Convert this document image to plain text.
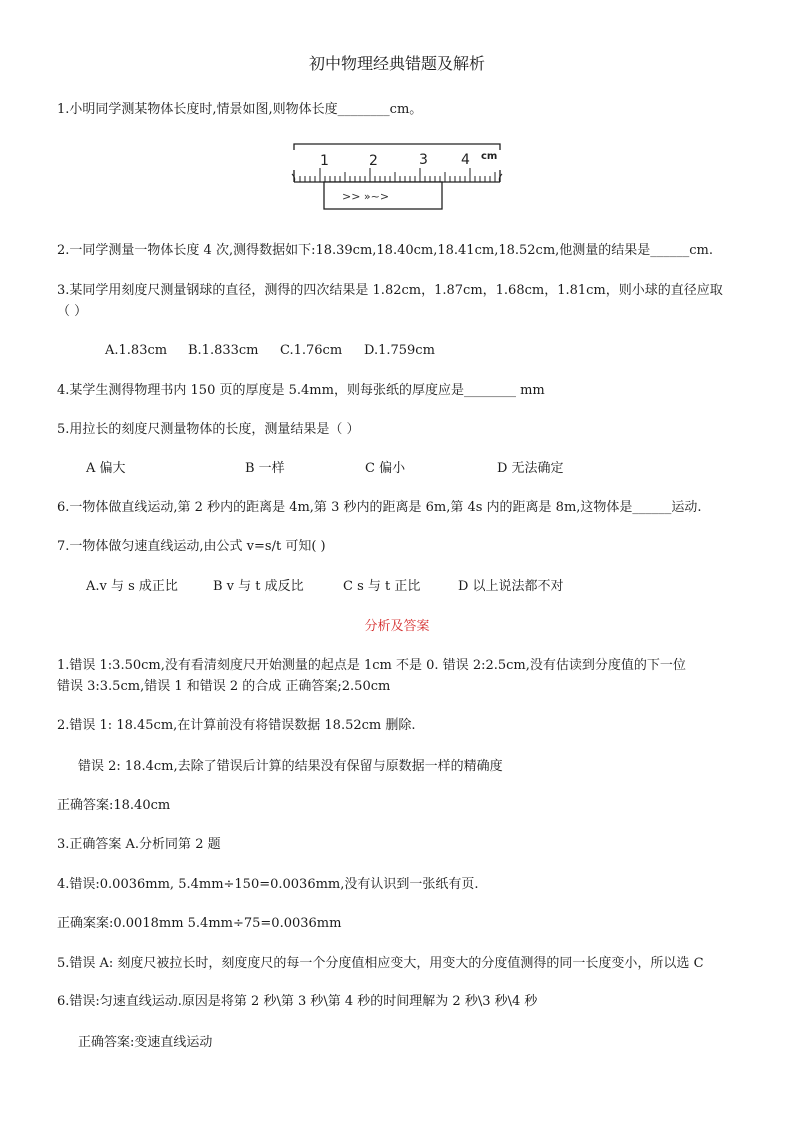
初中物理经典错题及解析
1.小明同学测某物体长度时,情景如图,则物体长度________cm。
1	2	3 4 cm
>> »~>
2.一同学测量一物体长度 4 次,测得数据如下:18.39cm,18.40cm,18.41cm,18.52cm,他测量的结果是______cm.
3.某同学用刻度尺测量钢球的直径，测得的四次结果是 1.82cm，1.87cm，1.68cm，1.81cm，则小球的直径应取
（ ）
A.1.83cm B.1.833cm C.1.76cm D.1.759cm
4.某学生测得物理书内 150 页的厚度是 5.4mm，则每张纸的厚度应是________ mm
5.用拉长的刻度尺测量物体的长度，测量结果是（ ）
A 偏大	B 一样	C 偏小	D 无法确定
6.一物体做直线运动,第 2 秒内的距离是 4m,第 3 秒内的距离是 6m,第 4s 内的距离是 8m,这物体是______运动.
7.一物体做匀速直线运动,由公式 v=s/t 可知( )
A.v 与 s 成正比	B v 与 t 成反比	C s 与 t 正比	D 以上说法都不对
分析及答案
1.错误 1:3.50cm,没有看清刻度尺开始测量的起点是 1cm 不是 0. 错误 2:2.5cm,没有估读到分度值的下一位
错误 3:3.5cm,错误 1 和错误 2 的合成 正确答案;2.50cm
2.错误 1: 18.45cm,在计算前没有将错误数据 18.52cm 删除.
错误 2: 18.4cm,去除了错误后计算的结果没有保留与原数据一样的精确度
正确答案:18.40cm
3.正确答案 A.分析同第 2 题
4.错误:0.0036mm, 5.4mm÷150=0.0036mm,没有认识到一张纸有页.
正确案案:0.0018mm 5.4mm÷75=0.0036mm
5.错误 A: 刻度尺被拉长时，刻度度尺的每一个分度值相应变大，用变大的分度值测得的同一长度变小，所以选 C
6.错误:匀速直线运动.原因是将第 2 秒\第 3 秒\第 4 秒的时间理解为 2 秒\3 秒\4 秒
正确答案:变速直线运动
